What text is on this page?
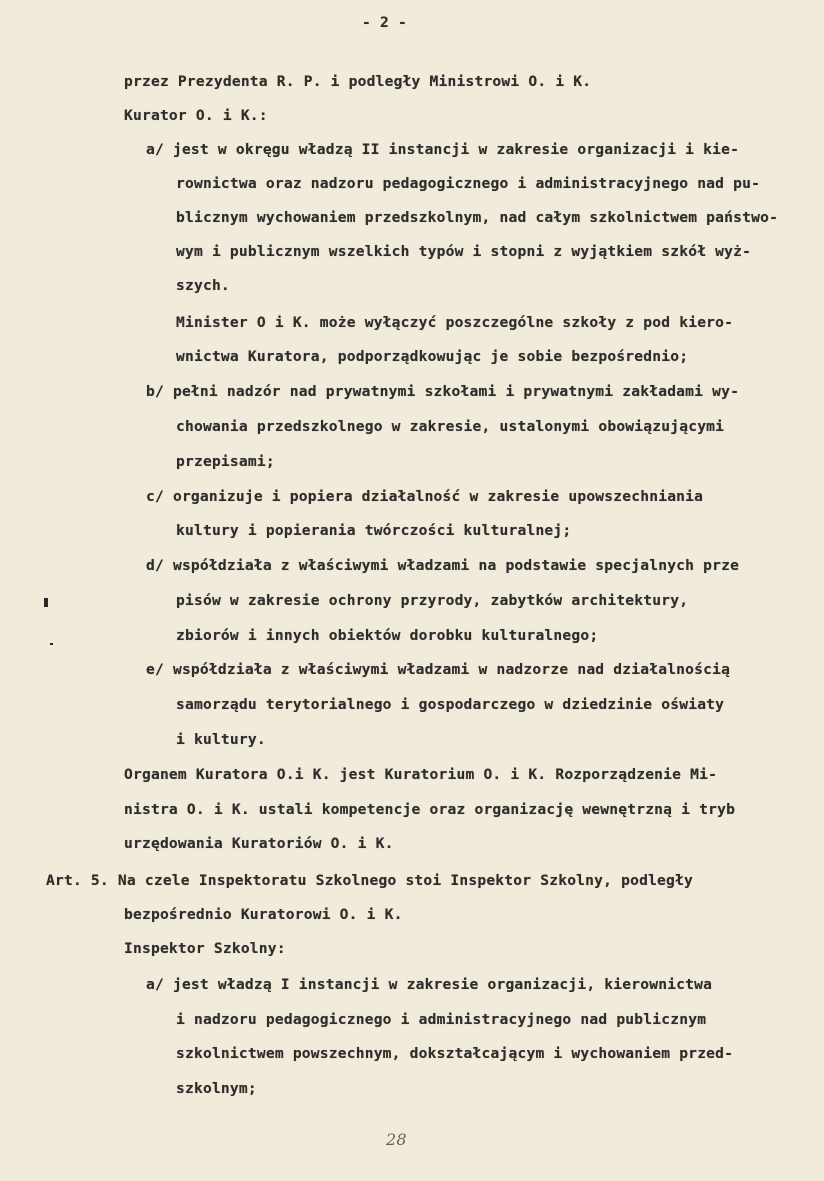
- 2 -
przez Prezydenta R. P. i podległy Ministrowi O. i K.
Kurator O. i K.:
a/ jest w okręgu władzą II instancji w zakresie organizacji i kie-
rownictwa oraz nadzoru pedagogicznego i administracyjnego nad pu-
blicznym wychowaniem przedszkolnym, nad całym szkolnictwem państwo-
wym i publicznym wszelkich typów i stopni z wyjątkiem szkół wyż-
szych.
Minister O i K. może wyłączyć poszczególne szkoły z pod kiero-
wnictwa Kuratora, podporządkowując je sobie bezpośrednio;
b/ pełni nadzór nad prywatnymi szkołami i prywatnymi zakładami wy-
chowania przedszkolnego w zakresie, ustalonymi obowiązującymi
przepisami;
c/ organizuje i popiera działalność w zakresie upowszechniania
kultury i popierania twórczości kulturalnej;
d/ współdziała z właściwymi władzami na podstawie specjalnych prze
pisów w zakresie ochrony przyrody, zabytków architektury,
zbiorów i innych obiektów dorobku kulturalnego;
e/ współdziała z właściwymi władzami w nadzorze nad działalnością
samorządu terytorialnego i gospodarczego w dziedzinie oświaty
i kultury.
Organem Kuratora O.i K. jest Kuratorium O. i K. Rozporządzenie Mi-
nistra O. i K. ustali kompetencje oraz organizację wewnętrzną i tryb
urzędowania Kuratoriów O. i K.
Art. 5. Na czele Inspektoratu Szkolnego stoi Inspektor Szkolny, podległy
bezpośrednio Kuratorowi O. i K.
Inspektor Szkolny:
a/ jest władzą I instancji w zakresie organizacji, kierownictwa
i nadzoru pedagogicznego i administracyjnego nad publicznym
szkolnictwem powszechnym, dokształcającym i wychowaniem przed-
szkolnym;
28
